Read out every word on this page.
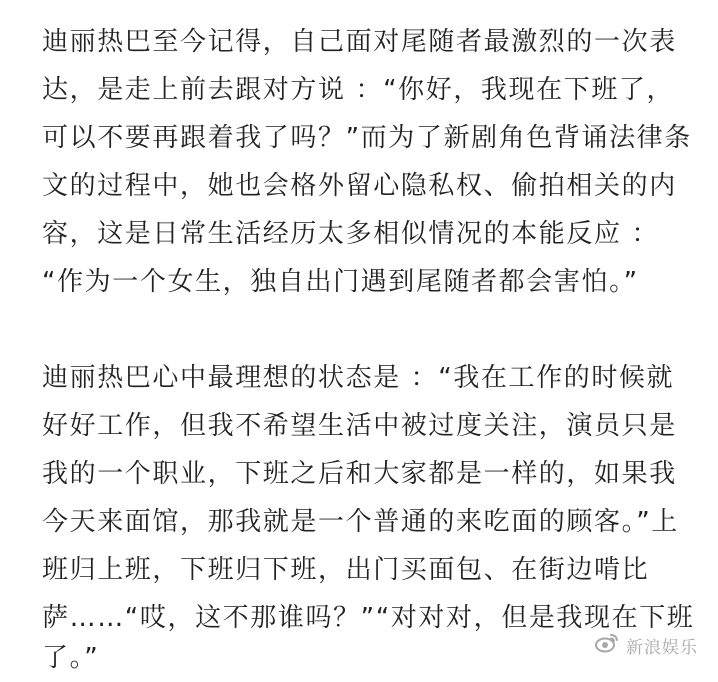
迪丽热巴至今记得，自己面对尾随者最激烈的一次表
达，是走上前去跟对方说 ：“你好，我现在下班了，
可以不要再跟着我了吗？”而为了新剧角色背诵法律条
文的过程中，她也会格外留心隐私权、偷拍相关的内
容，这是日常生活经历太多相似情况的本能反应 ：
“作为一个女生，独自出门遇到尾随者都会害怕。”
迪丽热巴心中最理想的状态是 ：“我在工作的时候就
好好工作，但我不希望生活中被过度关注，演员只是
我的一个职业，下班之后和大家都是一样的，如果我
今天来面馆，那我就是一个普通的来吃面的顾客。”上
班归上班，下班归下班，出门买面包、在街边啃比
萨……“哎，这不那谁吗？”“对对对，但是我现在下班
了。”	新浪娱乐
